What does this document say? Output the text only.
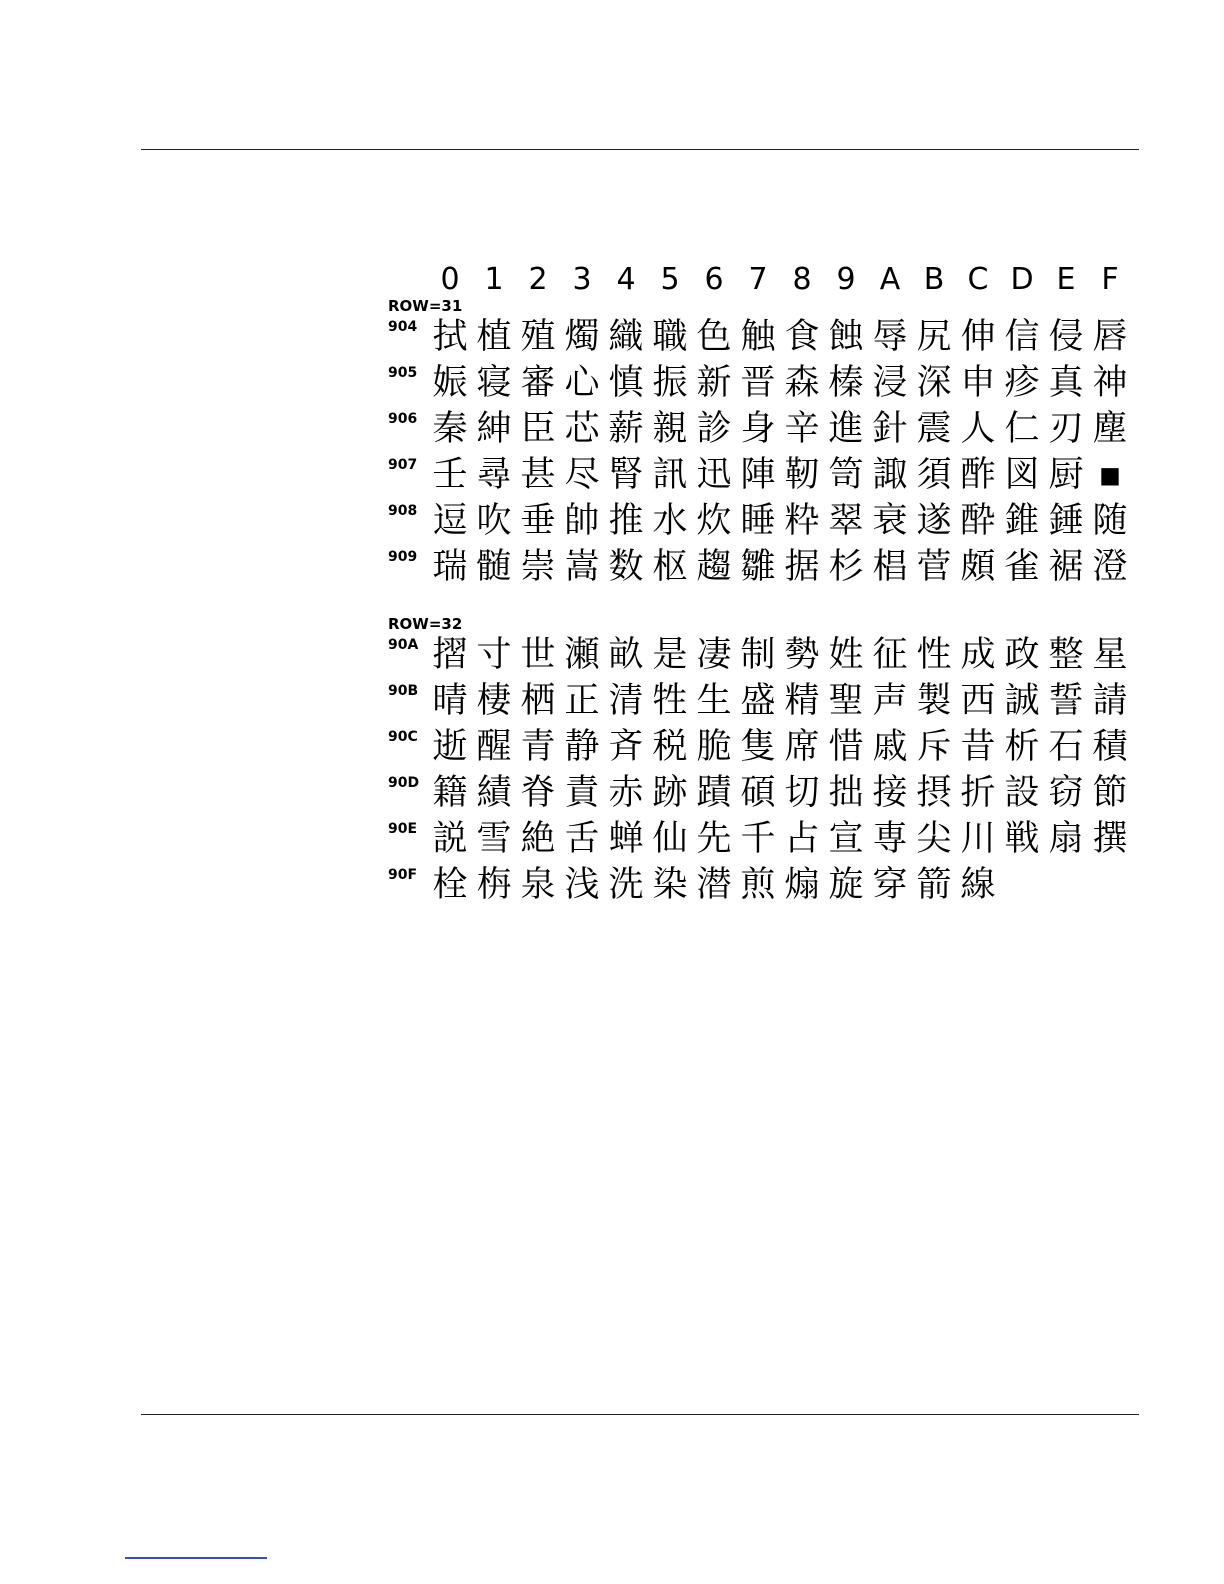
0 1 2 3 4 5 6 7 8 9 A B C D E F
ROW=31
904 拭 植 殖 燭 織 職 色 触 食 蝕 辱 尻 伸 信 侵 唇
905 娠 寝 審 心 慎 振 新 晋 森 榛 浸 深 申 疹 真 神
906 秦 紳 臣 芯 薪 親 診 身 辛 進 針 震 人 仁 刃 塵
907 壬 尋 甚 尽 腎 訊 迅 陣 靭 笥 諏 須 酢 図 厨 ▪
908 逗 吹 垂 帥 推 水 炊 睡 粋 翠 衰 遂 酔 錐 錘 随
909 瑞 髄 崇 嵩 数 枢 趨 雛 据 杉 椙 菅 頗 雀 裾 澄
ROW=32
90A 摺 寸 世 瀬 畝 是 凄 制 勢 姓 征 性 成 政 整 星
90B 晴 棲 栖 正 清 牲 生 盛 精 聖 声 製 西 誠 誓 請
90C 逝 醒 青 静 斉 税 脆 隻 席 惜 戚 斥 昔 析 石 積
90D 籍 績 脊 責 赤 跡 蹟 碩 切 拙 接 摂 折 設 窃 節
90E 説 雪 絶 舌 蝉 仙 先 千 占 宣 専 尖 川 戦 扇 撰
90F 栓 栴 泉 浅 洗 染 潜 煎 煽 旋 穿 箭 線
